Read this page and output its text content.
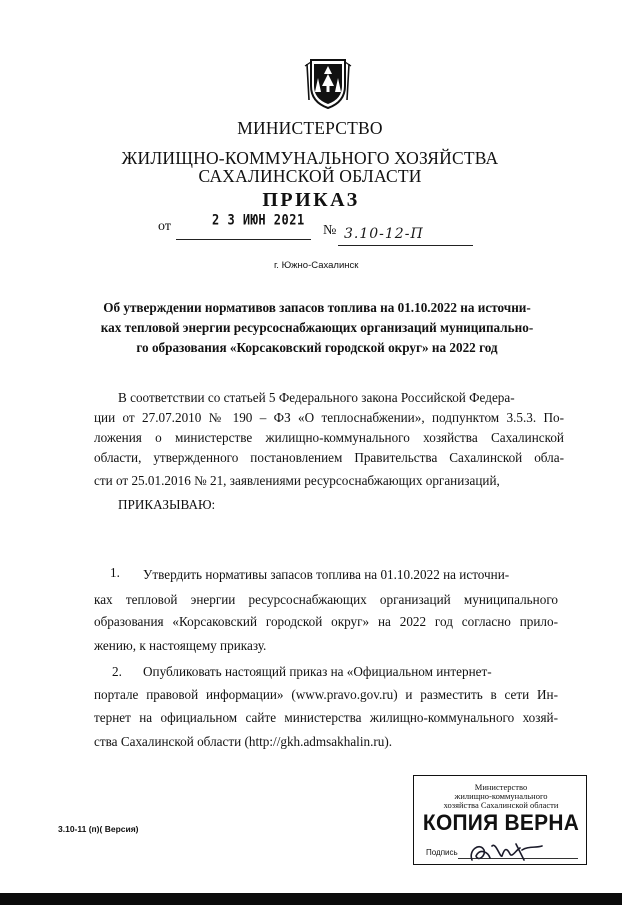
МИНИСТЕРСТВО
ЖИЛИЩНО-КОММУНАЛЬНОГО ХОЗЯЙСТВА
САХАЛИНСКОЙ ОБЛАСТИ
ПРИКАЗ
от	2 3 ИЮН 2021
№ 3.10-12-П
г. Южно-Сахалинск
Об утверждении нормативов запасов топлива на 01.10.2022 на источни-
ках тепловой энергии ресурсоснабжающих организаций муниципально-
го образования «Корсаковский городской округ» на 2022 год
В соответствии со статьей 5 Федерального закона Российской Федера-
ции от 27.07.2010 № 190 – ФЗ «О теплоснабжении», подпунктом 3.5.3. По-
ложения о министерстве жилищно-коммунального хозяйства Сахалинской
области, утвержденного постановлением Правительства Сахалинской обла-
сти от 25.01.2016 № 21, заявлениями ресурсоснабжающих организаций,
ПРИКАЗЫВАЮ:
1. Утвердить нормативы запасов топлива на 01.10.2022 на источни-
ках тепловой энергии ресурсоснабжающих организаций муниципального
образования «Корсаковский городской округ» на 2022 год согласно прило-
жению, к настоящему приказу.
2. Опубликовать настоящий приказ на «Официальном интернет-
портале правовой информации» (www.pravo.gov.ru) и разместить в сети Ин-
тернет на официальном сайте министерства жилищно-коммунального хозяй-
ства Сахалинской области (http://gkh.admsakhalin.ru).
3.10-11 (п)( Версия)
Министерство
жилищно-коммунального
хозяйства Сахалинской области
КОПИЯ ВЕРНА
Подпись
